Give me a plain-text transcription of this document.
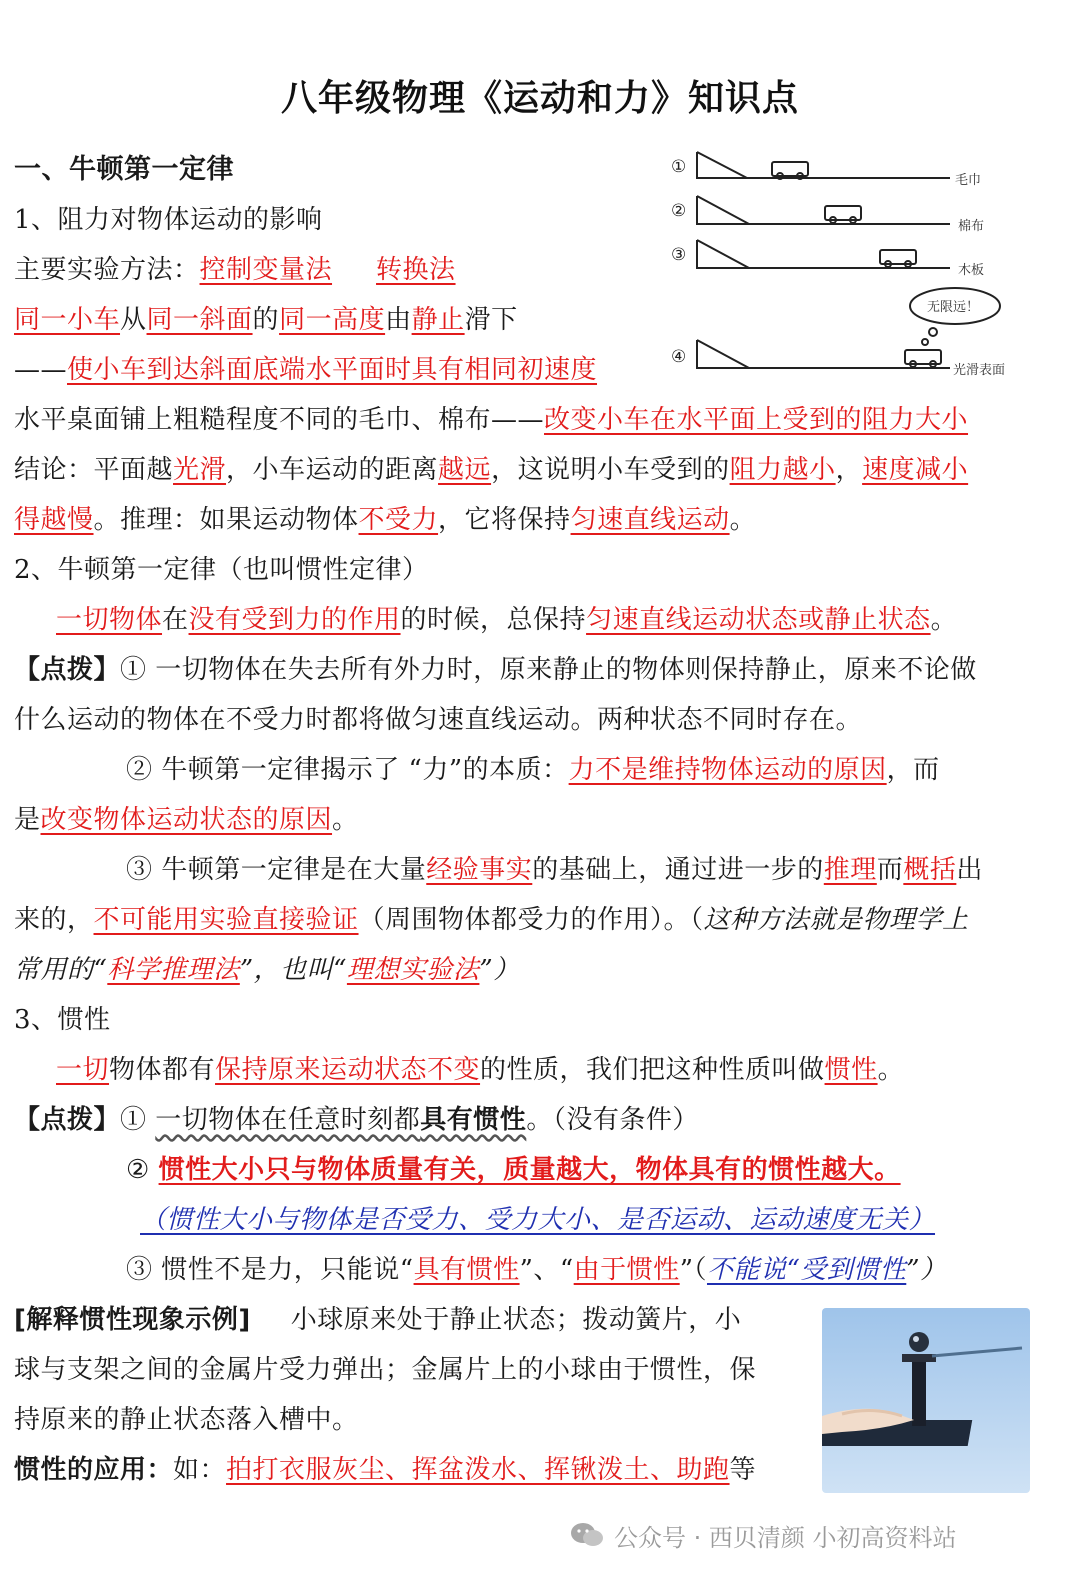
八年级物理《运动和力》知识点
一、牛顿第一定律
1、阻力对物体运动的影响
主要实验方法：控制变量法 转换法
同一小车从同一斜面的同一高度由静止滑下
——使小车到达斜面底端水平面时具有相同初速度
水平桌面铺上粗糙程度不同的毛巾、棉布——改变小车在水平面上受到的阻力大小
结论：平面越光滑，小车运动的距离越远，这说明小车受到的阻力越小，速度减小
得越慢。推理：如果运动物体不受力，它将保持匀速直线运动。
2、牛顿第一定律（也叫惯性定律）
一切物体在没有受到力的作用的时候，总保持匀速直线运动状态或静止状态。
【点拨】① 一切物体在失去所有外力时，原来静止的物体则保持静止，原来不论做
什么运动的物体在不受力时都将做匀速直线运动。两种状态不同时存在。
② 牛顿第一定律揭示了 “力”的本质：力不是维持物体运动的原因，而
是改变物体运动状态的原因。
③ 牛顿第一定律是在大量经验事实的基础上，通过进一步的推理而概括出
来的，不可能用实验直接验证（周围物体都受力的作用）。（这种方法就是物理学上
常用的“科学推理法”，也叫“理想实验法”）
3、惯性
一切物体都有保持原来运动状态不变的性质，我们把这种性质叫做惯性。
【点拨】① 一切物体在任意时刻都具有惯性。（没有条件）
② 惯性大小只与物体质量有关，质量越大，物体具有的惯性越大。
（惯性大小与物体是否受力、受力大小、是否运动、运动速度无关）
③ 惯性不是力，只能说“具有惯性”、“由于惯性”（不能说“受到惯性”）
[解释惯性现象示例] 小球原来处于静止状态；拨动簧片，小
球与支架之间的金属片受力弹出；金属片上的小球由于惯性，保
持原来的静止状态落入槽中。
惯性的应用：如：拍打衣服灰尘、挥盆泼水、挥锹泼土、助跑等
①
②
③
④
毛巾
棉布
木板
光滑表面
无限远！
公众号 · 西贝清颜 小初高资料站
